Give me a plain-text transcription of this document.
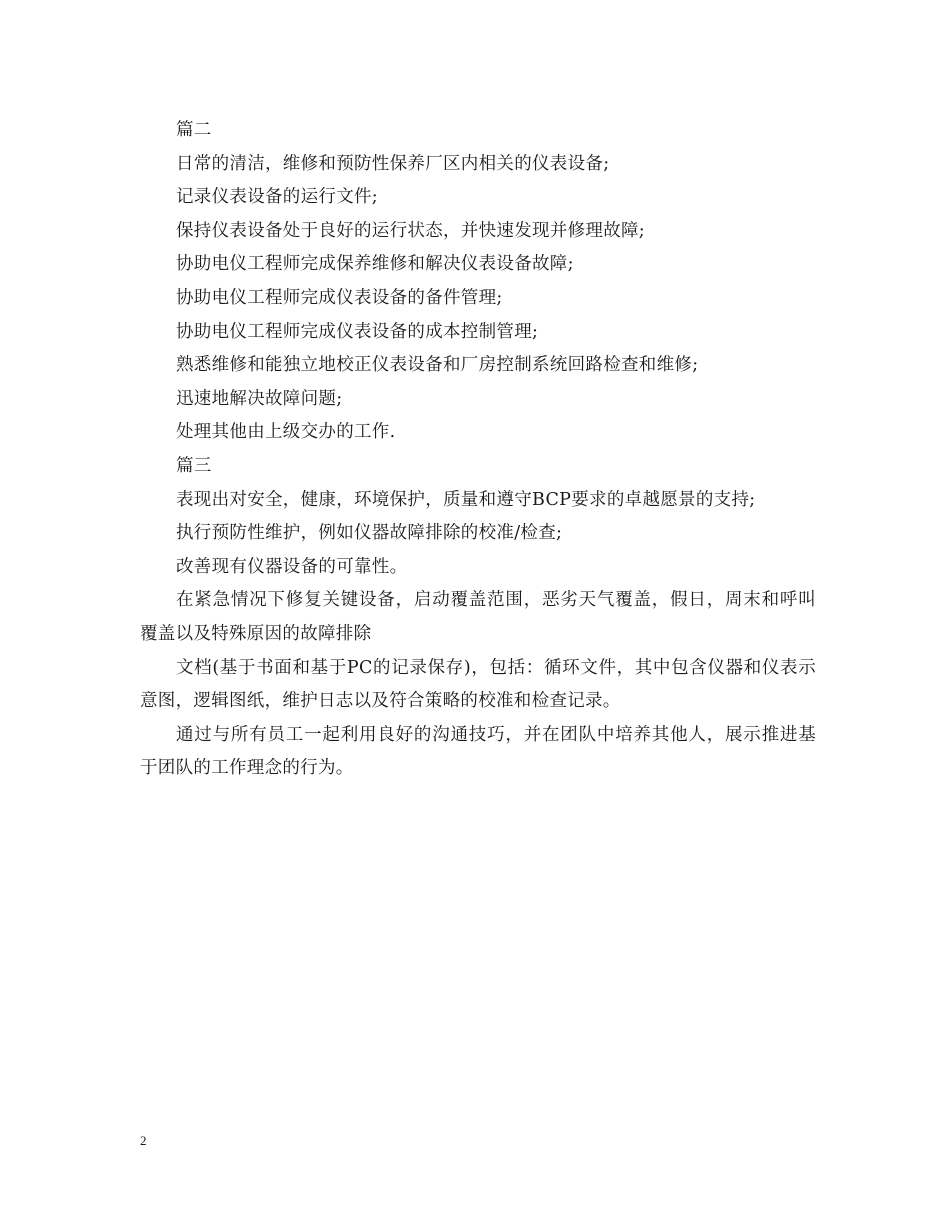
篇二

日常的清洁，维修和预防性保养厂区内相关的仪表设备;

记录仪表设备的运行文件;

保持仪表设备处于良好的运行状态，并快速发现并修理故障;

协助电仪工程师完成保养维修和解决仪表设备故障;

协助电仪工程师完成仪表设备的备件管理;

协助电仪工程师完成仪表设备的成本控制管理;

熟悉维修和能独立地校正仪表设备和厂房控制系统回路检查和维修;

迅速地解决故障问题;

处理其他由上级交办的工作.

篇三

表现出对安全，健康，环境保护，质量和遵守BCP要求的卓越愿景的支持;

执行预防性维护，例如仪器故障排除的校准/检查;

改善现有仪器设备的可靠性。

在紧急情况下修复关键设备，启动覆盖范围，恶劣天气覆盖，假日，周末和呼叫覆盖以及特殊原因的故障排除

文档(基于书面和基于PC的记录保存)，包括：循环文件，其中包含仪器和仪表示意图，逻辑图纸，维护日志以及符合策略的校准和检查记录。

通过与所有员工一起利用良好的沟通技巧，并在团队中培养其他人，展示推进基于团队的工作理念的行为。

2
